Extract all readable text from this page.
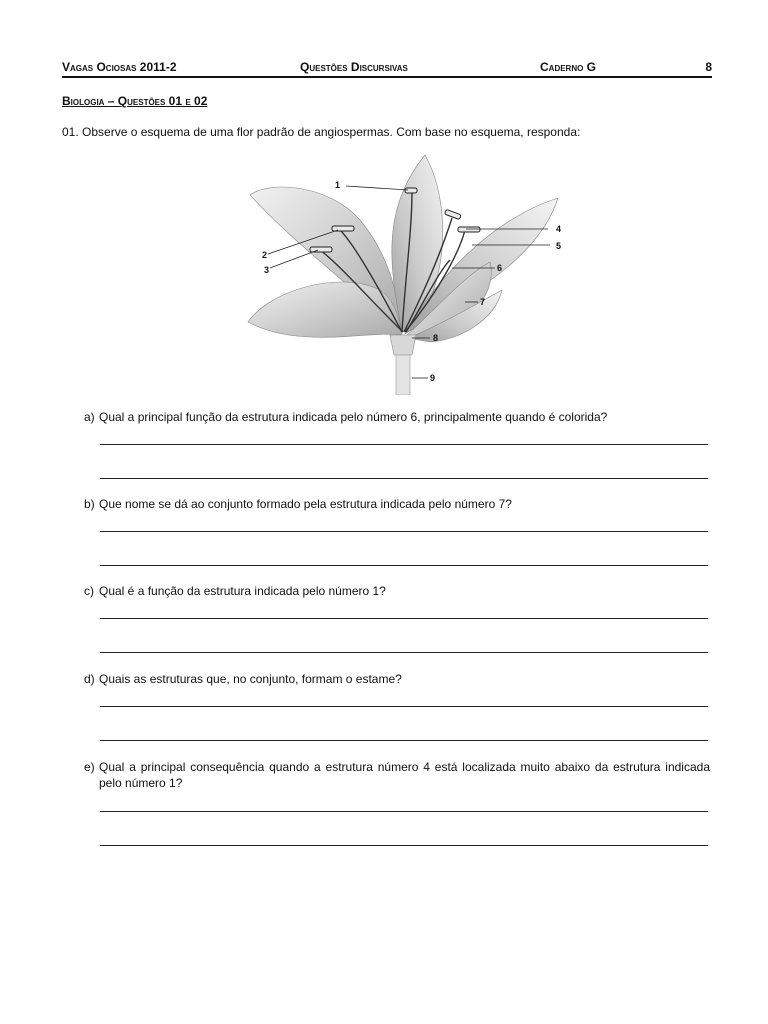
Vagas Ociosas 2011-2	Questões Discursivas	Caderno G	8
Biologia – Questões 01 e 02
01. Observe o esquema de uma flor padrão de angiospermas. Com base no esquema, responda:
1
2
3
4
5
6
7
8
9
a) Qual a principal função da estrutura indicada pelo número 6, principalmente quando é colorida?
b) Que nome se dá ao conjunto formado pela estrutura indicada pelo número 7?
c) Qual é a função da estrutura indicada pelo número 1?
d) Quais as estruturas que, no conjunto, formam o estame?
e) Qual a principal consequência quando a estrutura número 4 está localizada muito abaixo da estrutura indicada pelo número 1?
